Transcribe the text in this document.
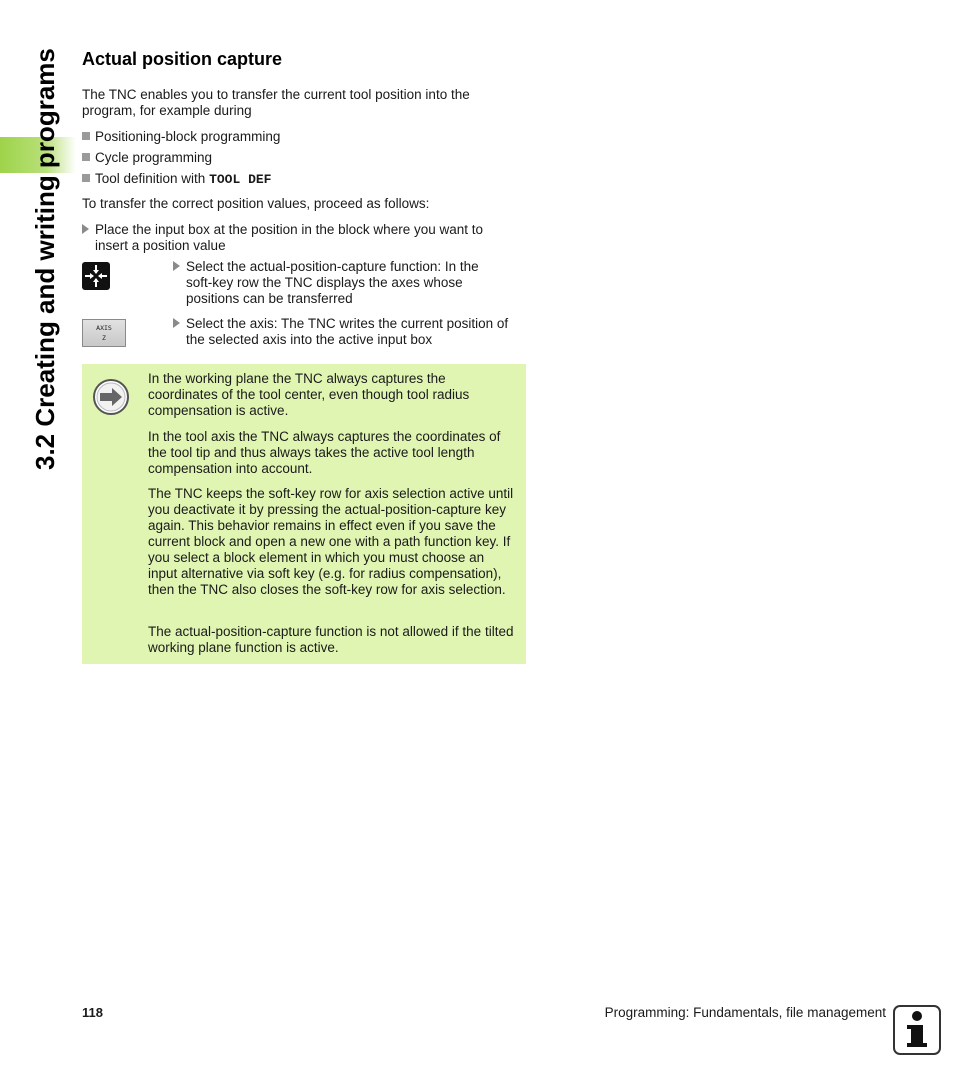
3.2 Creating and writing programs Actual position capture

The TNC enables you to transfer the current tool position into the program, for example during

Positioning-block programming
Cycle programming
Tool definition with TOOL DEF

To transfer the correct position values, proceed as follows:

Place the input box at the position in the block where you want to
insert a position value
Select the actual-position-capture function: In the
soft-key row the TNC displays the axes whose
positions can be transferred
AXIS
Z
Select the axis: The TNC writes the current position of
the selected axis into the active input box

In the working plane the TNC always captures the coordinates of the tool center, even though tool radius compensation is active.

In the tool axis the TNC always captures the coordinates of the tool tip and thus always takes the active tool length compensation into account.

The TNC keeps the soft-key row for axis selection active until you deactivate it by pressing the actual-position-capture key again. This behavior remains in effect even if you save the current block and open a new one with a path function key. If you select a block element in which you must choose an input alternative via soft key (e.g. for radius compensation), then the TNC also closes the soft-key row for axis selection.

The actual-position-capture function is not allowed if the tilted working plane function is active.

118	Programming: Fundamentals, file management
